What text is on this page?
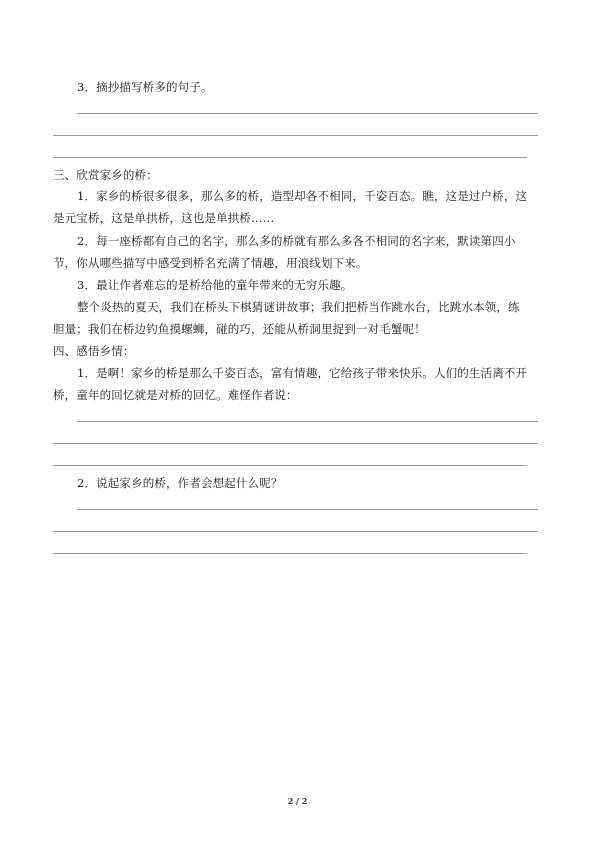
3．摘抄描写桥多的句子。
三、欣赏家乡的桥：
1．家乡的桥很多很多，那么多的桥，造型却各不相同，千姿百态。瞧，这是过户桥，这
是元宝桥，这是单拱桥，这也是单拱桥……
2．每一座桥都有自己的名字，那么多的桥就有那么多各不相同的名字来，默读第四小
节，你从哪些描写中感受到桥名充满了情趣，用浪线划下来。
3．最让作者难忘的是桥给他的童年带来的无穷乐趣。
整个炎热的夏天，我们在桥头下棋猜谜讲故事；我们把桥当作跳水台，比跳水本领，练
胆量；我们在桥边钓鱼摸螺蛳，碰的巧，还能从桥洞里捉到一对毛蟹呢！
四、感悟乡情：
1．是啊！家乡的桥是那么千姿百态，富有情趣，它给孩子带来快乐。人们的生活离不开
桥，童年的回忆就是对桥的回忆。难怪作者说：
2．说起家乡的桥，作者会想起什么呢？
2 / 2
